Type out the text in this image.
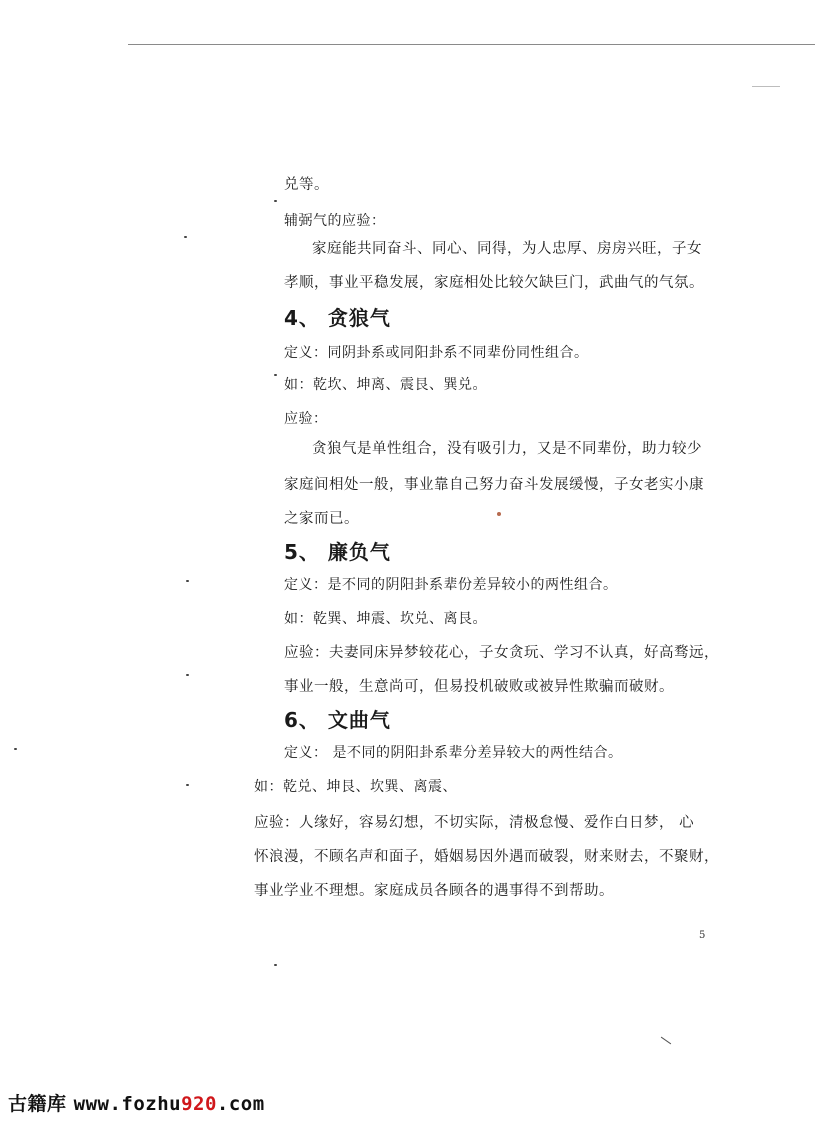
兑等。
辅弼气的应验：
家庭能共同奋斗、同心、同得，为人忠厚、房房兴旺，子女
孝顺，事业平稳发展，家庭相处比较欠缺巨门，武曲气的气氛。
4、 贪狼气
定义：同阴卦系或同阳卦系不同辈份同性组合。
如：乾坎、坤离、震艮、巽兑。
应验：
贪狼气是单性组合，没有吸引力，又是不同辈份，助力较少
家庭间相处一般，事业靠自己努力奋斗发展缓慢，子女老实小康
之家而已。
5、 廉负气
定义：是不同的阴阳卦系辈份差异较小的两性组合。
如：乾巽、坤震、坎兑、离艮。
应验：夫妻同床异梦较花心，子女贪玩、学习不认真，好高骛远，
事业一般，生意尚可，但易投机破败或被异性欺骗而破财。
6、 文曲气
定义： 是不同的阴阳卦系辈分差异较大的两性结合。
如：乾兑、坤艮、坎巽、离震、
应验：人缘好，容易幻想，不切实际，清极怠慢、爱作白日梦， 心
怀浪漫，不顾名声和面子，婚姻易因外遇而破裂，财来财去，不聚财，
事业学业不理想。家庭成员各顾各的遇事得不到帮助。
5
古籍库 www.fozhu920.com
